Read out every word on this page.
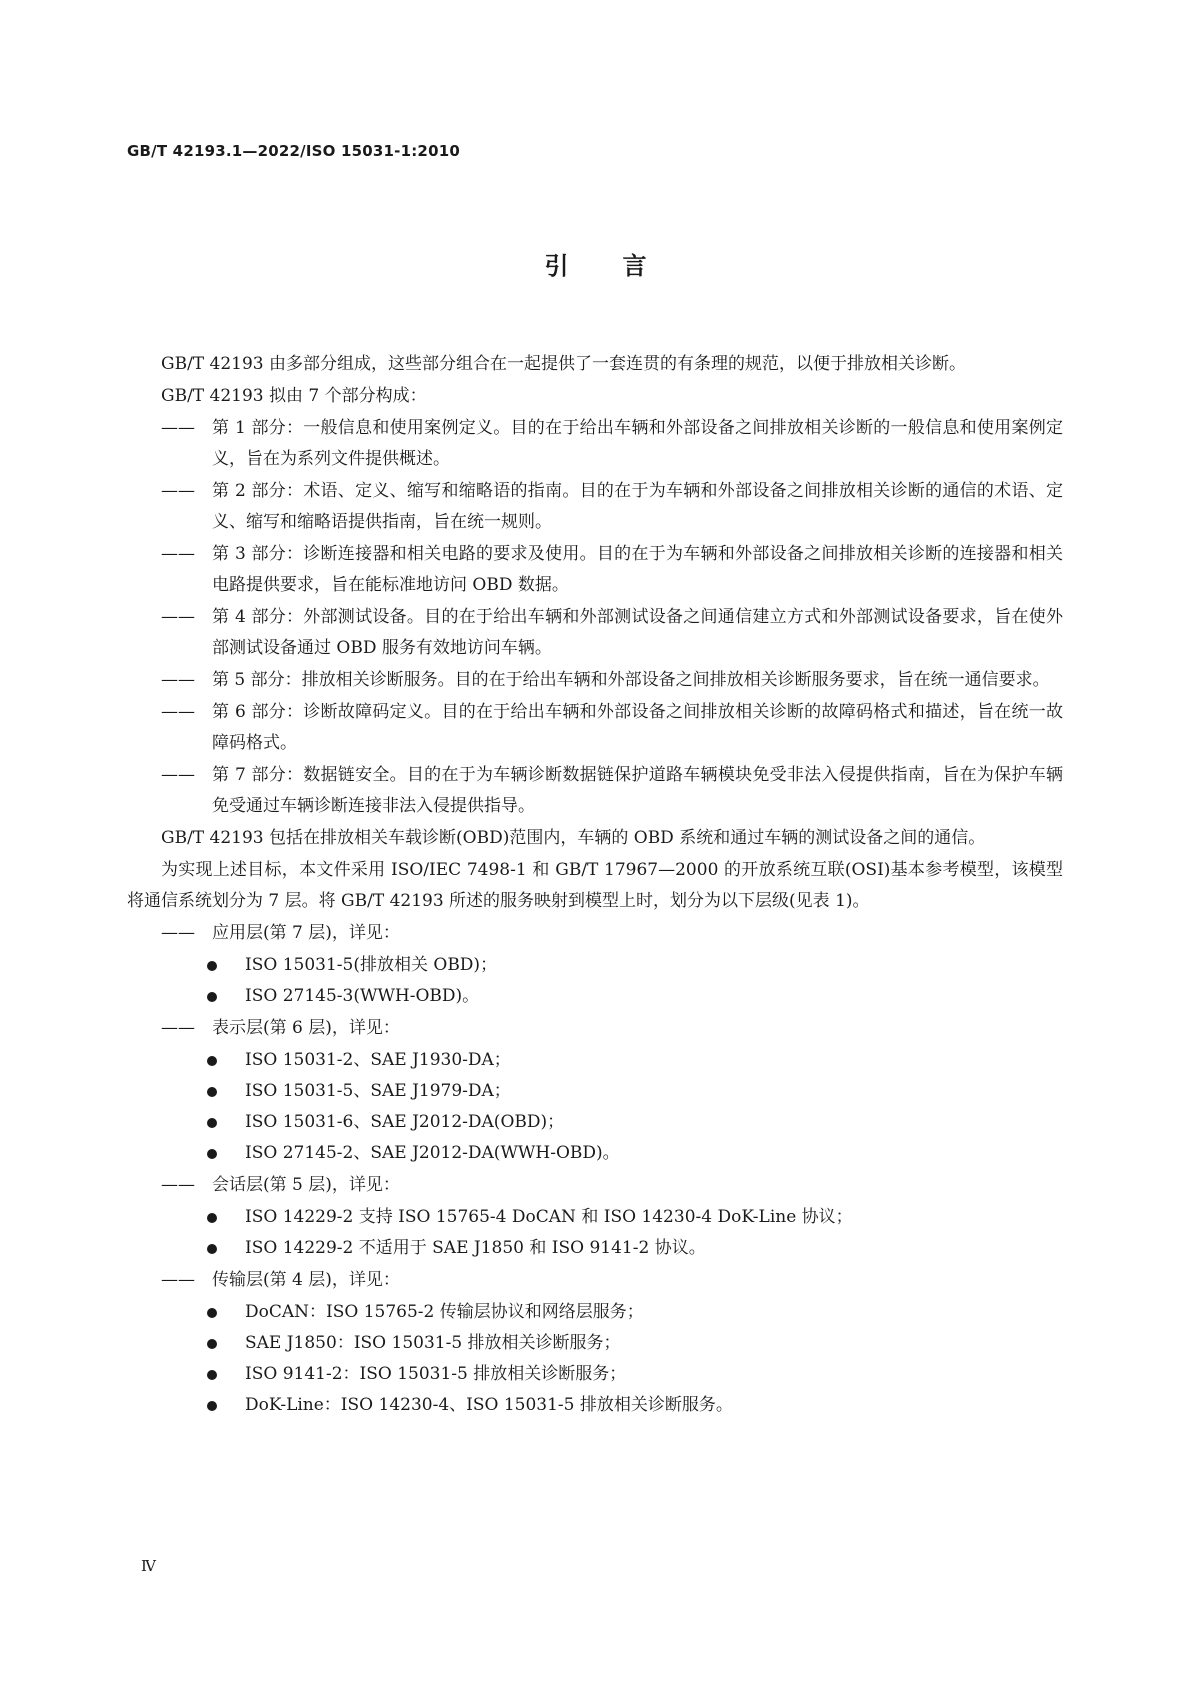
GB/T 42193.1—2022/ISO 15031-1:2010

引 言

GB/T 42193 由多部分组成，这些部分组合在一起提供了一套连贯的有条理的规范，以便于排放相关诊断。

GB/T 42193 拟由 7 个部分构成：

——	第 1 部分：一般信息和使用案例定义。目的在于给出车辆和外部设备之间排放相关诊断的一般信息和使用案例定义，旨在为系列文件提供概述。
——	第 2 部分：术语、定义、缩写和缩略语的指南。目的在于为车辆和外部设备之间排放相关诊断的通信的术语、定义、缩写和缩略语提供指南，旨在统一规则。
——	第 3 部分：诊断连接器和相关电路的要求及使用。目的在于为车辆和外部设备之间排放相关诊断的连接器和相关电路提供要求，旨在能标准地访问 OBD 数据。
——	第 4 部分：外部测试设备。目的在于给出车辆和外部测试设备之间通信建立方式和外部测试设备要求，旨在使外部测试设备通过 OBD 服务有效地访问车辆。
——	第 5 部分：排放相关诊断服务。目的在于给出车辆和外部设备之间排放相关诊断服务要求，旨在统一通信要求。
——	第 6 部分：诊断故障码定义。目的在于给出车辆和外部设备之间排放相关诊断的故障码格式和描述，旨在统一故障码格式。
——	第 7 部分：数据链安全。目的在于为车辆诊断数据链保护道路车辆模块免受非法入侵提供指南，旨在为保护车辆免受通过车辆诊断连接非法入侵提供指导。

GB/T 42193 包括在排放相关车载诊断(OBD)范围内，车辆的 OBD 系统和通过车辆的测试设备之间的通信。

为实现上述目标，本文件采用 ISO/IEC 7498-1 和 GB/T 17967—2000 的开放系统互联(OSI)基本参考模型，该模型将通信系统划分为 7 层。将 GB/T 42193 所述的服务映射到模型上时，划分为以下层级(见表 1)。

——	应用层(第 7 层)，详见：
ISO 15031-5(排放相关 OBD)；
ISO 27145-3(WWH-OBD)。
——	表示层(第 6 层)，详见：
ISO 15031-2、SAE J1930-DA；
ISO 15031-5、SAE J1979-DA；
ISO 15031-6、SAE J2012-DA(OBD)；
ISO 27145-2、SAE J2012-DA(WWH-OBD)。
——	会话层(第 5 层)，详见：
ISO 14229-2 支持 ISO 15765-4 DoCAN 和 ISO 14230-4 DoK-Line 协议；
ISO 14229-2 不适用于 SAE J1850 和 ISO 9141-2 协议。
——	传输层(第 4 层)，详见：
DoCAN：ISO 15765-2 传输层协议和网络层服务；
SAE J1850：ISO 15031-5 排放相关诊断服务；
ISO 9141-2：ISO 15031-5 排放相关诊断服务；
DoK-Line：ISO 14230-4、ISO 15031-5 排放相关诊断服务。

Ⅳ
